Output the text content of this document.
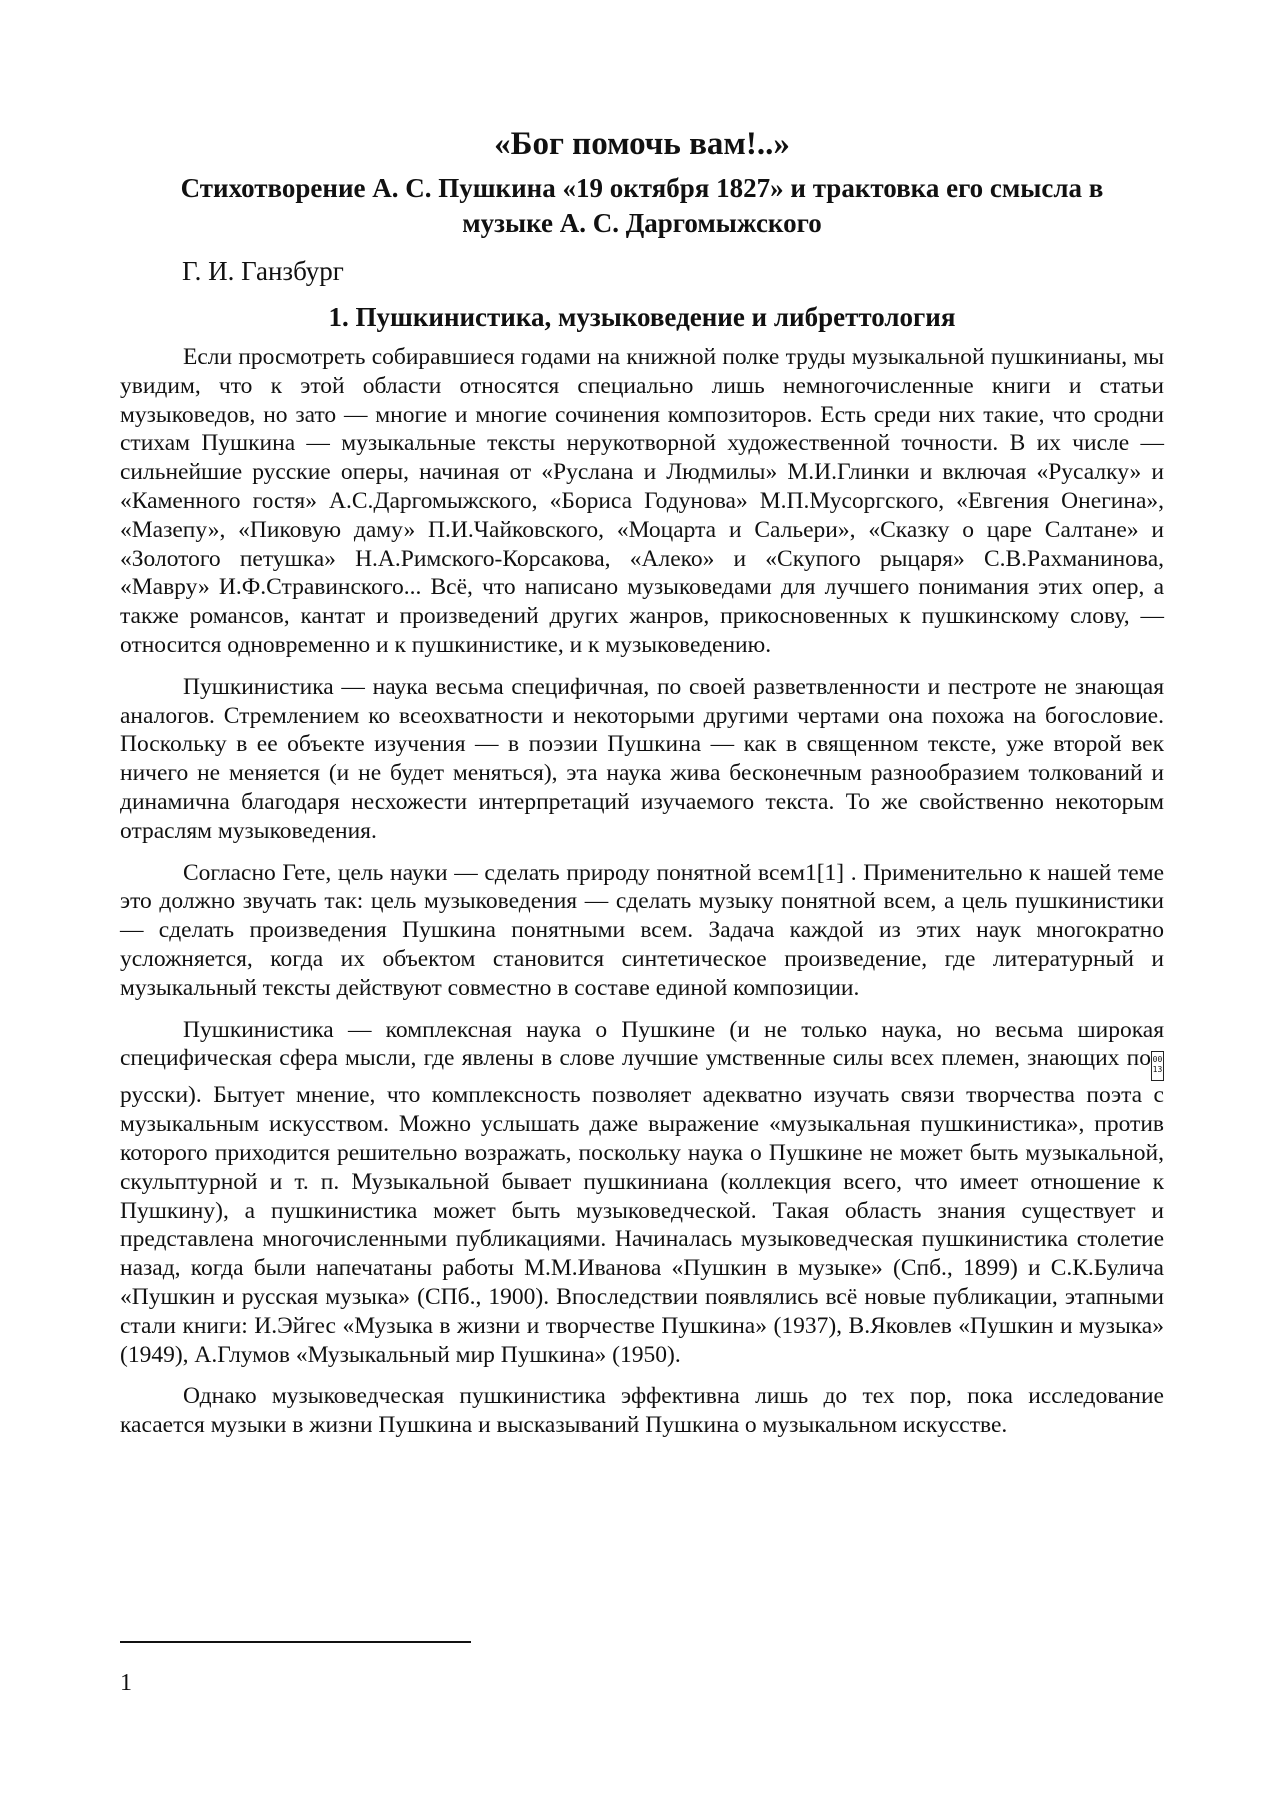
«Бог помочь вам!..»
Стихотворение А. С. Пушкина «19 октября 1827» и трактовка его смысла в
музыке А. С. Даргомыжского
Г. И. Ганзбург
1. Пушкинистика, музыковедение и либреттология

Если просмотреть собиравшиеся годами на книжной полке труды музыкальной пушкинианы, мы увидим, что к этой области относятся специально лишь немногочисленные книги и статьи музыковедов, но зато — многие и многие сочинения композиторов. Есть среди них такие, что сродни стихам Пушкина — музыкальные тексты нерукотворной художественной точности. В их числе — сильнейшие русские оперы, начиная от «Руслана и Людмилы» М.И.Глинки и включая «Русалку» и «Каменного гостя» А.С.Даргомыжского, «Бориса Годунова» М.П.Мусоргского, «Евгения Онегина», «Мазепу», «Пиковую даму» П.И.Чайковского, «Моцарта и Сальери», «Сказку о царе Салтане» и «Золотого петушка» Н.А.Римского-Корсакова, «Алеко» и «Скупого рыцаря» С.В.Рахманинова, «Мавру» И.Ф.Стравинского... Всё, что написано музыковедами для лучшего понимания этих опер, а также романсов, кантат и произведений других жанров, прикосновенных к пушкинскому слову, — относится одновременно и к пушкинистике, и к музыковедению.

Пушкинистика — наука весьма специфичная, по своей разветвленности и пестроте не знающая аналогов. Стремлением ко всеохватности и некоторыми другими чертами она похожа на богословие. Поскольку в ее объекте изучения — в поэзии Пушкина — как в священном тексте, уже второй век ничего не меняется (и не будет меняться), эта наука жива бесконечным разнообразием толкований и динамична благодаря несхожести интерпретаций изучаемого текста. То же свойственно некоторым отраслям музыковедения.

Согласно Гете, цель науки — сделать природу понятной всем1[1] . Применительно к нашей теме это должно звучать так: цель музыковедения — сделать музыку понятной всем, а цель пушкинистики — сделать произведения Пушкина понятными всем. Задача каждой из этих наук многократно усложняется, когда их объектом становится синтетическое произведение, где литературный и музыкальный тексты действуют совместно в составе единой композиции.

Пушкинистика — комплексная наука о Пушкине (и не только наука, но весьма широкая специфическая сфера мысли, где явлены в слове лучшие умственные силы всех племен, знающих по 00
13русски). Бытует мнение, что комплексность позволяет адекватно изучать связи творчества поэта с музыкальным искусством. Можно услышать даже выражение «музыкальная пушкинистика», против которого приходится решительно возражать, поскольку наука о Пушкине не может быть музыкальной, скульптурной и т. п. Музыкальной бывает пушкиниана (коллекция всего, что имеет отношение к Пушкину), а пушкинистика может быть музыковедческой. Такая область знания существует и представлена многочисленными публикациями. Начиналась музыковедческая пушкинистика столетие назад, когда были напечатаны работы М.М.Иванова «Пушкин в музыке» (Спб., 1899) и С.К.Булича «Пушкин и русская музыка» (СПб., 1900). Впоследствии появлялись всё новые публикации, этапными стали книги: И.Эйгес «Музыка в жизни и творчестве Пушкина» (1937), В.Яковлев «Пушкин и музыка» (1949), А.Глумов «Музыкальный мир Пушкина» (1950).

Однако музыковедческая пушкинистика эффективна лишь до тех пор, пока исследование касается музыки в жизни Пушкина и высказываний Пушкина о музыкальном искусстве.

1
